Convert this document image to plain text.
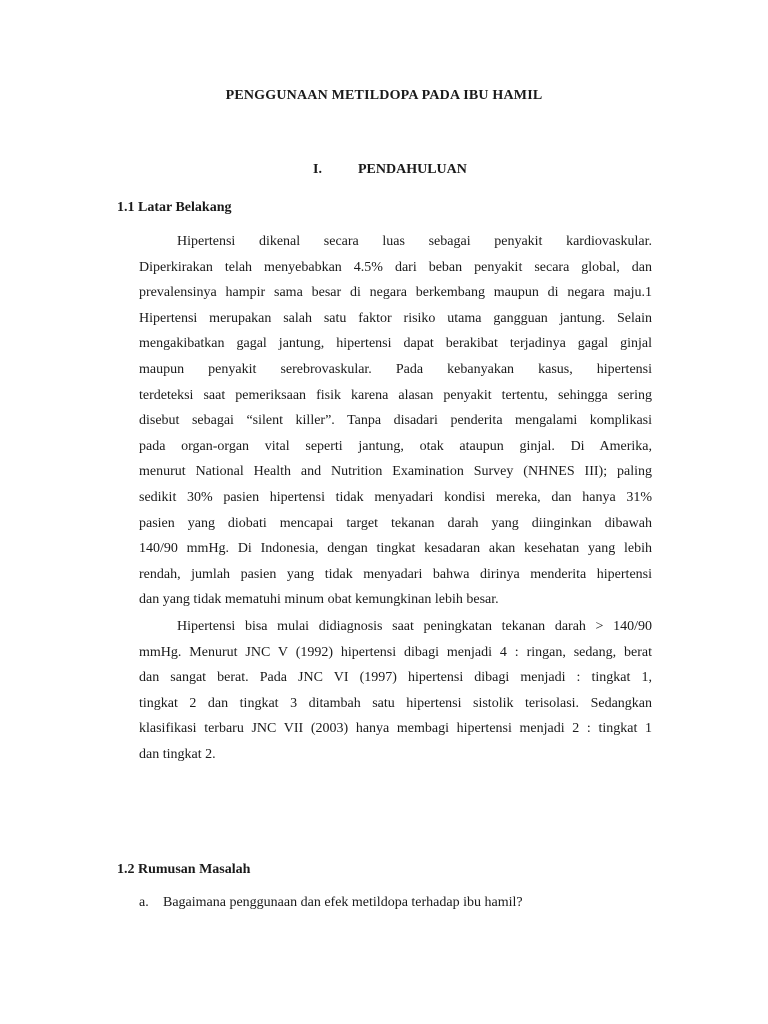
PENGGUNAAN METILDOPA PADA IBU HAMIL
I.	PENDAHULUAN
1.1 Latar Belakang
Hipertensi dikenal secara luas sebagai penyakit kardiovaskular.
Diperkirakan telah menyebabkan 4.5% dari beban penyakit secara global, dan
prevalensinya hampir sama besar di negara berkembang maupun di negara maju.1
Hipertensi merupakan salah satu faktor risiko utama gangguan jantung. Selain
mengakibatkan gagal jantung, hipertensi dapat berakibat terjadinya gagal ginjal
maupun penyakit serebrovaskular. Pada kebanyakan kasus, hipertensi
terdeteksi saat pemeriksaan fisik karena alasan penyakit tertentu, sehingga sering
disebut sebagai “silent killer”. Tanpa disadari penderita mengalami komplikasi
pada organ-organ vital seperti jantung, otak ataupun ginjal. Di Amerika,
menurut National Health and Nutrition Examination Survey (NHNES III); paling
sedikit 30% pasien hipertensi tidak menyadari kondisi mereka, dan hanya 31%
pasien yang diobati mencapai target tekanan darah yang diinginkan dibawah
140/90 mmHg. Di Indonesia, dengan tingkat kesadaran akan kesehatan yang lebih
rendah, jumlah pasien yang tidak menyadari bahwa dirinya menderita hipertensi
dan yang tidak mematuhi minum obat kemungkinan lebih besar.
Hipertensi bisa mulai didiagnosis saat peningkatan tekanan darah > 140/90
mmHg. Menurut JNC V (1992) hipertensi dibagi menjadi 4 : ringan, sedang, berat
dan sangat berat. Pada JNC VI (1997) hipertensi dibagi menjadi : tingkat 1,
tingkat 2 dan tingkat 3 ditambah satu hipertensi sistolik terisolasi. Sedangkan
klasifikasi terbaru JNC VII (2003) hanya membagi hipertensi menjadi 2 : tingkat 1
dan tingkat 2.
1.2 Rumusan Masalah
a. Bagaimana penggunaan dan efek metildopa terhadap ibu hamil?
